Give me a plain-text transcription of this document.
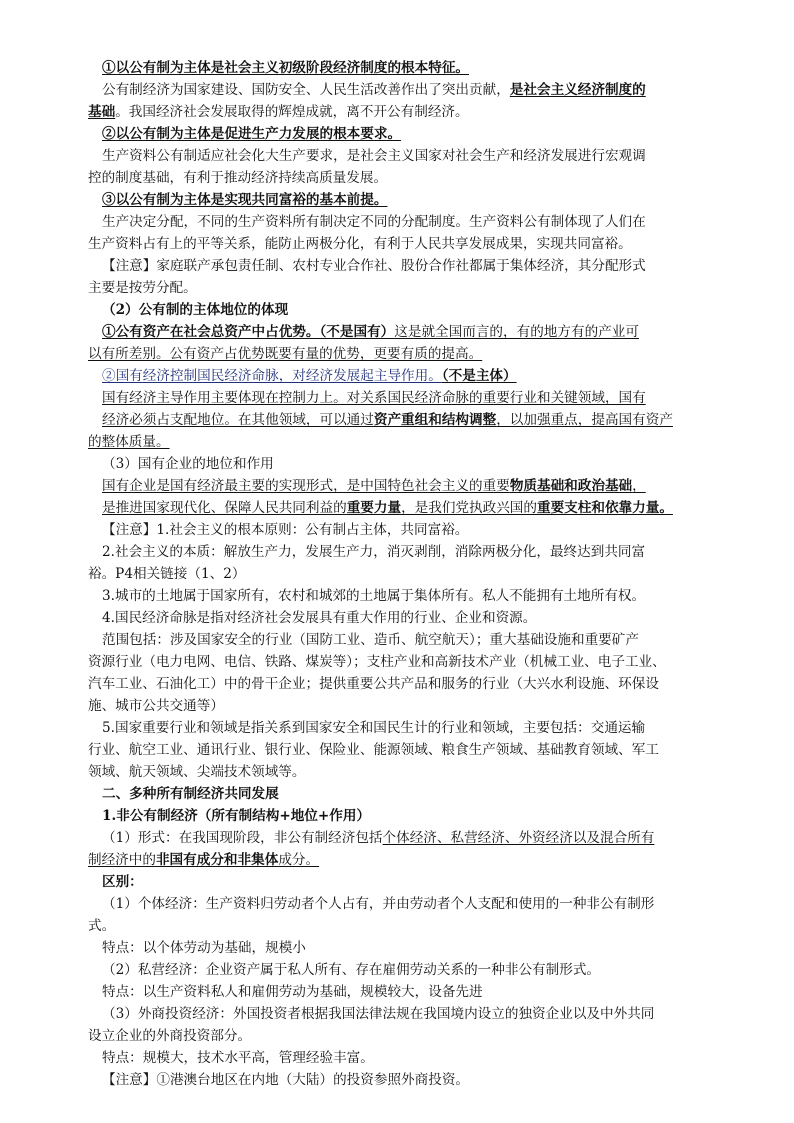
①以公有制为主体是社会主义初级阶段经济制度的根本特征。

公有制经济为国家建设、国防安全、人民生活改善作出了突出贡献，是社会主义经济制度的

基础。我国经济社会发展取得的辉煌成就，离不开公有制经济。

②以公有制为主体是促进生产力发展的根本要求。

生产资料公有制适应社会化大生产要求，是社会主义国家对社会生产和经济发展进行宏观调

控的制度基础，有利于推动经济持续高质量发展。

③以公有制为主体是实现共同富裕的基本前提。

生产决定分配，不同的生产资料所有制决定不同的分配制度。生产资料公有制体现了人们在

生产资料占有上的平等关系，能防止两极分化，有利于人民共享发展成果，实现共同富裕。

【注意】家庭联产承包责任制、农村专业合作社、股份合作社都属于集体经济，其分配形式

主要是按劳分配。

（2）公有制的主体地位的体现

①公有资产在社会总资产中占优势。（不是国有）这是就全国而言的，有的地方有的产业可

以有所差别。公有资产占优势既要有量的优势，更要有质的提高。

②国有经济控制国民经济命脉，对经济发展起主导作用。（不是主体）

国有经济主导作用主要体现在控制力上。对关系国民经济命脉的重要行业和关键领域，国有

经济必须占支配地位。在其他领域，可以通过资产重组和结构调整，以加强重点，提高国有资产

的整体质量。

（3）国有企业的地位和作用

国有企业是国有经济最主要的实现形式，是中国特色社会主义的重要物质基础和政治基础，

是推进国家现代化、保障人民共同利益的重要力量，是我们党执政兴国的重要支柱和依靠力量。

【注意】1.社会主义的根本原则：公有制占主体，共同富裕。

2.社会主义的本质：解放生产力，发展生产力，消灭剥削，消除两极分化，最终达到共同富

裕。P4相关链接（1、2）

3.城市的土地属于国家所有，农村和城郊的土地属于集体所有。私人不能拥有土地所有权。

4.国民经济命脉是指对经济社会发展具有重大作用的行业、企业和资源。

范围包括：涉及国家安全的行业（国防工业、造币、航空航天）；重大基础设施和重要矿产

资源行业（电力电网、电信、铁路、煤炭等）；支柱产业和高新技术产业（机械工业、电子工业、

汽车工业、石油化工）中的骨干企业；提供重要公共产品和服务的行业（大兴水利设施、环保设

施、城市公共交通等）

5.国家重要行业和领域是指关系到国家安全和国民生计的行业和领域，主要包括：交通运输

行业、航空工业、通讯行业、银行业、保险业、能源领域、粮食生产领域、基础教育领域、军工

领域、航天领域、尖端技术领域等。

二、多种所有制经济共同发展

1.非公有制经济（所有制结构+地位+作用）

（1）形式：在我国现阶段，非公有制经济包括个体经济、私营经济、外资经济以及混合所有

制经济中的非国有成分和非集体成分。

区别：

（1）个体经济：生产资料归劳动者个人占有，并由劳动者个人支配和使用的一种非公有制形

式。

特点：以个体劳动为基础，规模小

（2）私营经济：企业资产属于私人所有、存在雇佣劳动关系的一种非公有制形式。

特点：以生产资料私人和雇佣劳动为基础，规模较大，设备先进

（3）外商投资经济：外国投资者根据我国法律法规在我国境内设立的独资企业以及中外共同

设立企业的外商投资部分。

特点：规模大，技术水平高，管理经验丰富。

【注意】①港澳台地区在内地（大陆）的投资参照外商投资。
